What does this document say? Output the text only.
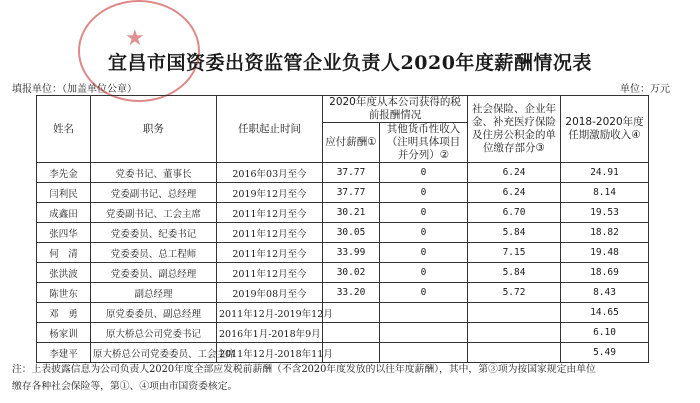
★
宜昌市国资委出资监管企业负责人2020年度薪酬情况表
填报单位：（加盖单位公章）	单位：万元
姓名	职务	任职起止时间	2020年度从本公司获得的税前报酬情况		社会保险、企业年金、补充医疗保险及住房公积金的单位缴存部分③	2018-2020年度任期激励收入④
			应付薪酬①	其他货币性收入（注明具体项目并分列）②		
李先金	党委书记、董事长	2016年03月至今	37.77	0	6.24	24.91
闫利民	党委副书记、总经理	2019年12月至今	37.77	0	6.24	8.14
成鑫田	党委副书记、工会主席	2011年12月至今	30.21	0	6.70	19.53
张四华	党委委员、纪委书记	2011年12月至今	30.05	0	5.84	18.82
何　清	党委委员、总工程师	2011年12月至今	33.99	0	7.15	19.48
张洪波	党委委员、副总经理	2011年12月至今	30.02	0	5.84	18.69
陈世东	副总经理	2019年08月至今	33.20	0	5.72	8.43
邓　勇	原党委委员、副总经理	2011年12月-2019年12月				14.65
杨家训	原大桥总公司党委书记	2016年1月-2018年9月				6.10
李建平	原大桥总公司党委委员、工会主席	2011年12月-2018年11月				5.49
注：上表披露信息为公司负责人2020年度全部应发税前薪酬（不含2020年度发放的以往年度薪酬），其中，第③项为按国家规定由单位
缴存各种社会保险等，第①、④项由市国资委核定。
